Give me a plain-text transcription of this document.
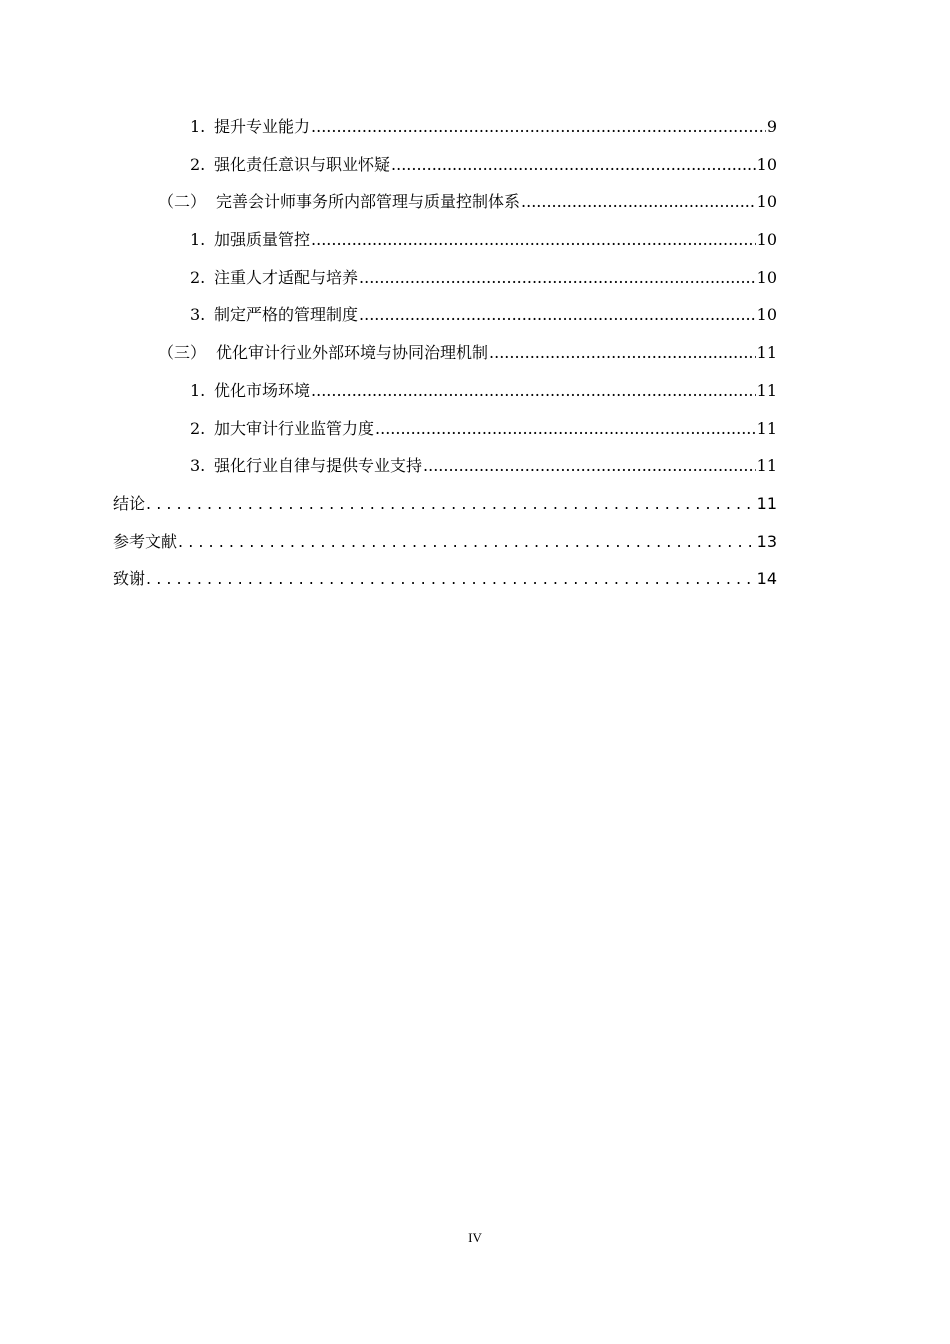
1. 提升专业能力 .....	9
2. 强化责任意识与职业怀疑 .....	10
（二） 完善会计师事务所内部管理与质量控制体系 .....	10
1. 加强质量管控 .....	10
2. 注重人才适配与培养 .....	10
3. 制定严格的管理制度 .....	10
（三） 优化审计行业外部环境与协同治理机制 .....	11
1. 优化市场环境 .....	11
2. 加大审计行业监管力度 .....	11
3. 强化行业自律与提供专业支持 .....	11
结论 . . .	11
参考文献 . . .	13
致谢 . . .	14
IV
